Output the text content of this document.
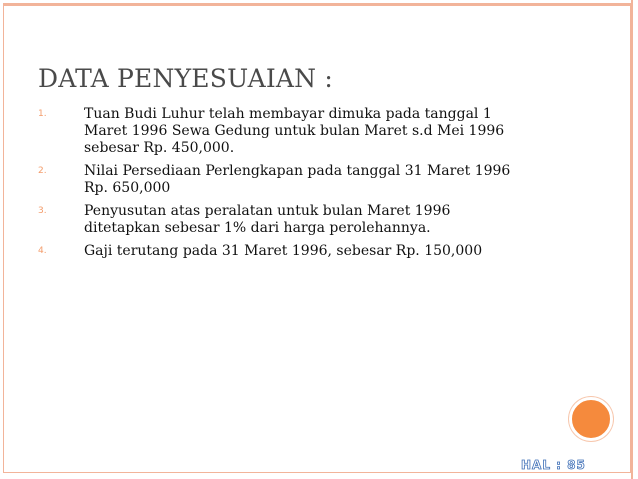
DATA PENYESUAIAN :
1.	Tuan Budi Luhur telah membayar dimuka pada tanggal 1
Maret 1996 Sewa Gedung untuk bulan Maret s.d Mei 1996
sebesar Rp. 450,000.
2.	Nilai Persediaan Perlengkapan pada tanggal 31 Maret 1996
Rp. 650,000
3.	Penyusutan atas peralatan untuk bulan Maret 1996
ditetapkan sebesar 1% dari harga perolehannya.
4.	Gaji terutang pada 31 Maret 1996, sebesar Rp. 150,000
HAL : 85
